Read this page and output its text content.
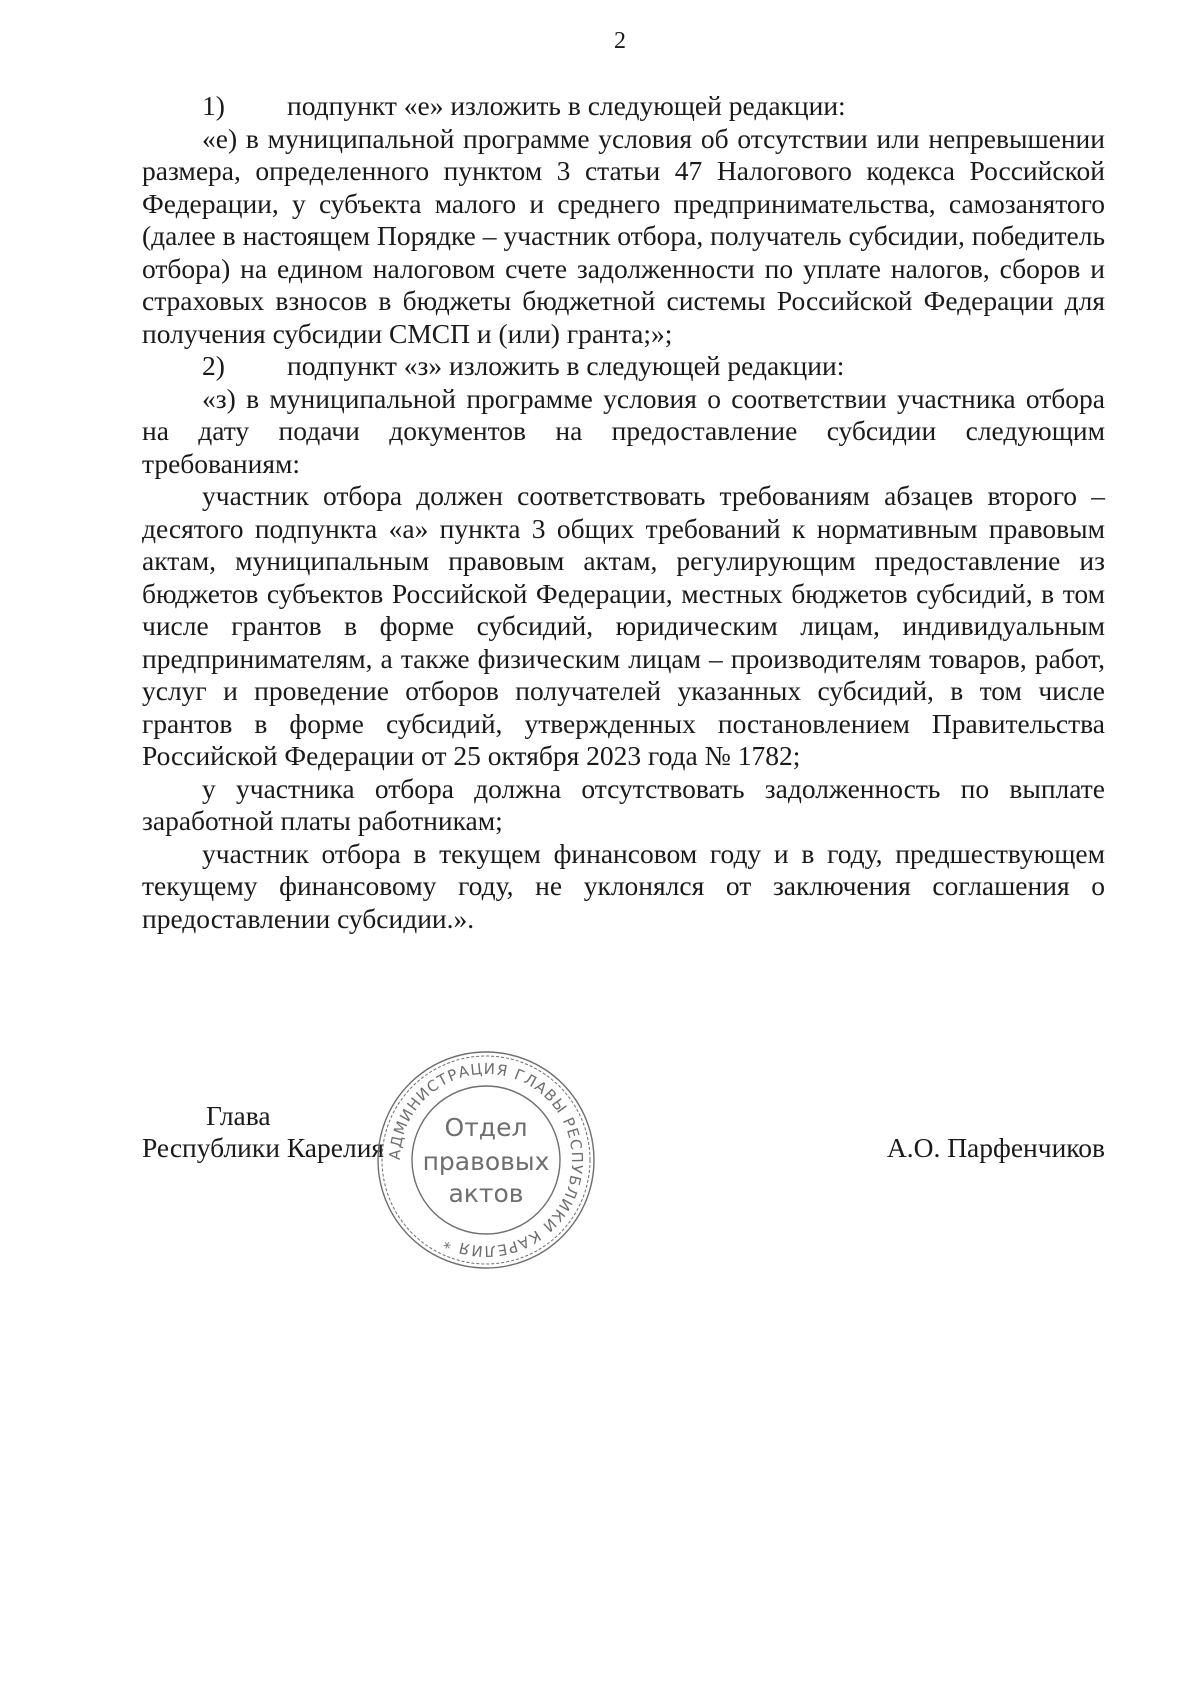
2
1) подпункт «е» изложить в следующей редакции:

«е) в муниципальной программе условия об отсутствии или непревышении размера, определенного пунктом 3 статьи 47 Налогового кодекса Российской Федерации, у субъекта малого и среднего предпринимательства, самозанятого (далее в настоящем Порядке – участник отбора, получатель субсидии, победитель отбора) на едином налоговом счете задолженности по уплате налогов, сборов и страховых взносов в бюджеты бюджетной системы Российской Федерации для получения субсидии СМСП и (или) гранта;»;

2) подпункт «з» изложить в следующей редакции:

«з) в муниципальной программе условия о соответствии участника отбора на дату подачи документов на предоставление субсидии следующим требованиям:

участник отбора должен соответствовать требованиям абзацев второго – десятого подпункта «а» пункта 3 общих требований к нормативным правовым актам, муниципальным правовым актам, регулирующим предоставление из бюджетов субъектов Российской Федерации, местных бюджетов субсидий, в том числе грантов в форме субсидий, юридическим лицам, индивидуальным предпринимателям, а также физическим лицам – производителям товаров, работ, услуг и проведение отборов получателей указанных субсидий, в том числе грантов в форме субсидий, утвержденных постановлением Правительства Российской Федерации от 25 октября 2023 года № 1782;

у участника отбора должна отсутствовать задолженность по выплате заработной платы работникам;

участник отбора в текущем финансовом году и в году, предшествующем текущему финансовому году, не уклонялся от заключения соглашения о предоставлении субсидии.».

Глава
Республики Карелия	А.О. Парфенчиков
АДМИНИСТРАЦИЯ ГЛАВЫ РЕСПУБЛИКИ КАРЕЛИЯ *
Отдел
правовых
актов
